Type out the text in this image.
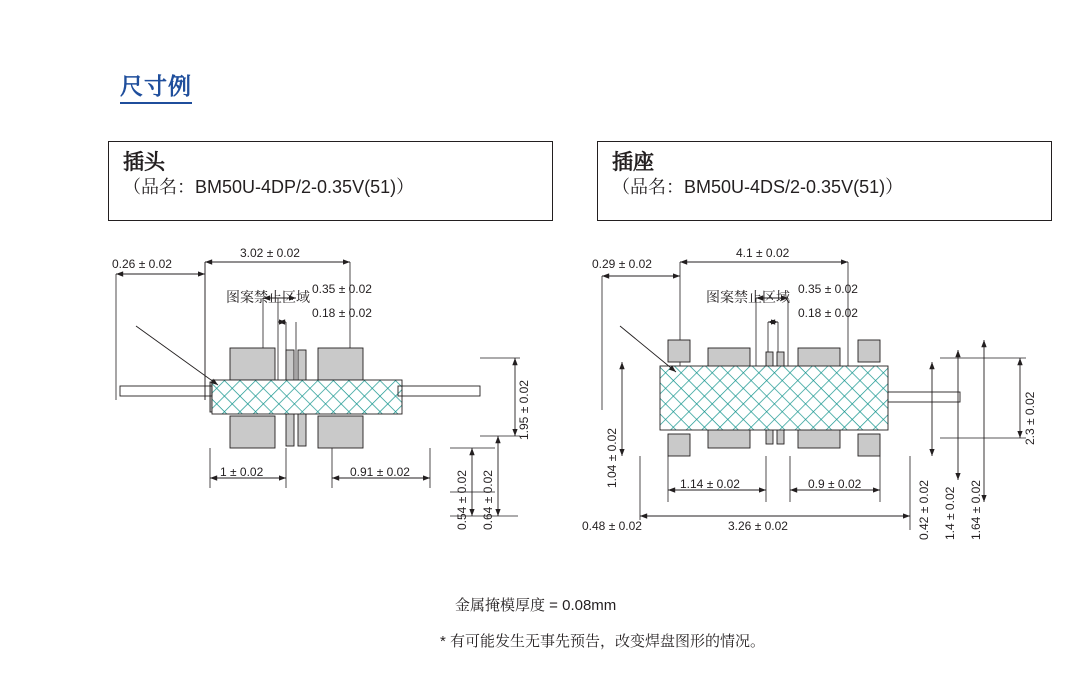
尺寸例
插头
（品名：BM50U-4DP/2-0.35V(51)）
插座
（品名：BM50U-4DS/2-0.35V(51)）
0.26 ± 0.02
3.02 ± 0.02
0.35 ± 0.02
0.18 ± 0.02
1 ± 0.02	0.91 ± 0.02
图案禁止区域
1.95 ± 0.02
0.54 ± 0.02 0.64 ± 0.02
0.29 ± 0.02
4.1 ± 0.02
0.35 ± 0.02
0.18 ± 0.02
1.14 ± 0.02	0.9 ± 0.02
3.26 ± 0.02
图案禁止区域
2.3 ± 0.02
1.04 ± 0.02
0.48 ± 0.02	0.42 ± 0.02 1.4 ± 0.02 1.64 ± 0.02
金属掩模厚度 = 0.08mm
* 有可能发生无事先预告，改变焊盘图形的情况。
